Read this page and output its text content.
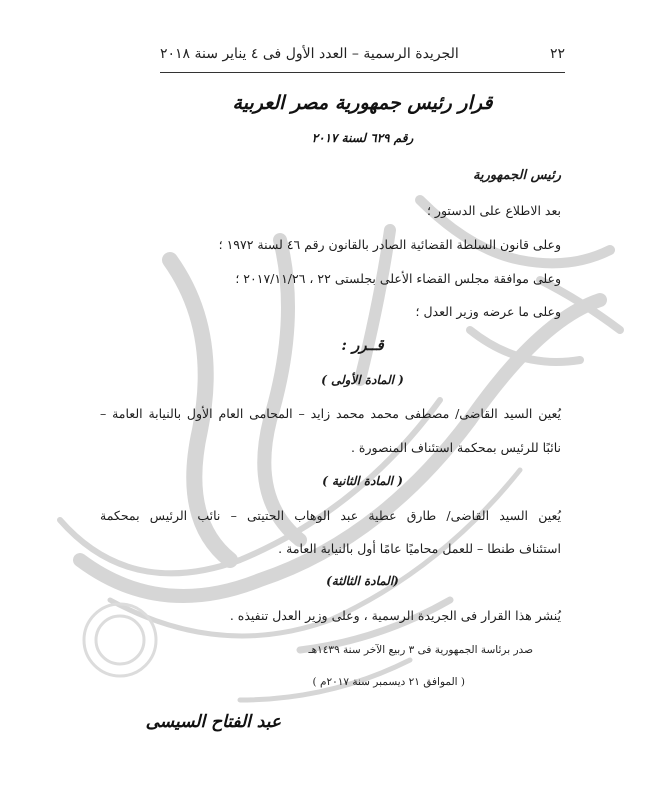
٢٢
الجريدة الرسمية – العدد الأول فى ٤ يناير سنة ٢٠١٨
قرار رئيس جمهورية مصر العربية
رقم ٦٢٩ لسنة ٢٠١٧
رئيس الجمهورية
بعد الاطلاع على الدستور ؛
وعلى قانون السلطة القضائية الصادر بالقانون رقم ٤٦ لسنة ١٩٧٢ ؛
وعلى موافقة مجلس القضاء الأعلى بجلستى ٢٢ ، ٢٠١٧/١١/٢٦ ؛
وعلى ما عرضه وزير العدل ؛
قــرر :
( المادة الأولى )
يُعين السيد القاضى/ مصطفى محمد محمد زايد – المحامى العام الأول بالنيابة العامة –
نائبًا للرئيس بمحكمة استئناف المنصورة .
( المادة الثانية )
يُعين السيد القاضى/ طارق عطية عبد الوهاب الحتيتى – نائب الرئيس بمحكمة
استئناف طنطا – للعمل محاميًا عامًا أول بالنيابة العامة .
(المادة الثالثة)
يُنشر هذا القرار فى الجريدة الرسمية ، وعلى وزير العدل تنفيذه .
صدر برئاسة الجمهورية فى ٣ ربيع الآخر سنة ١٤٣٩هـ
( الموافق ٢١ ديسمبر سنة ٢٠١٧م )
عبد الفتاح السيسى
